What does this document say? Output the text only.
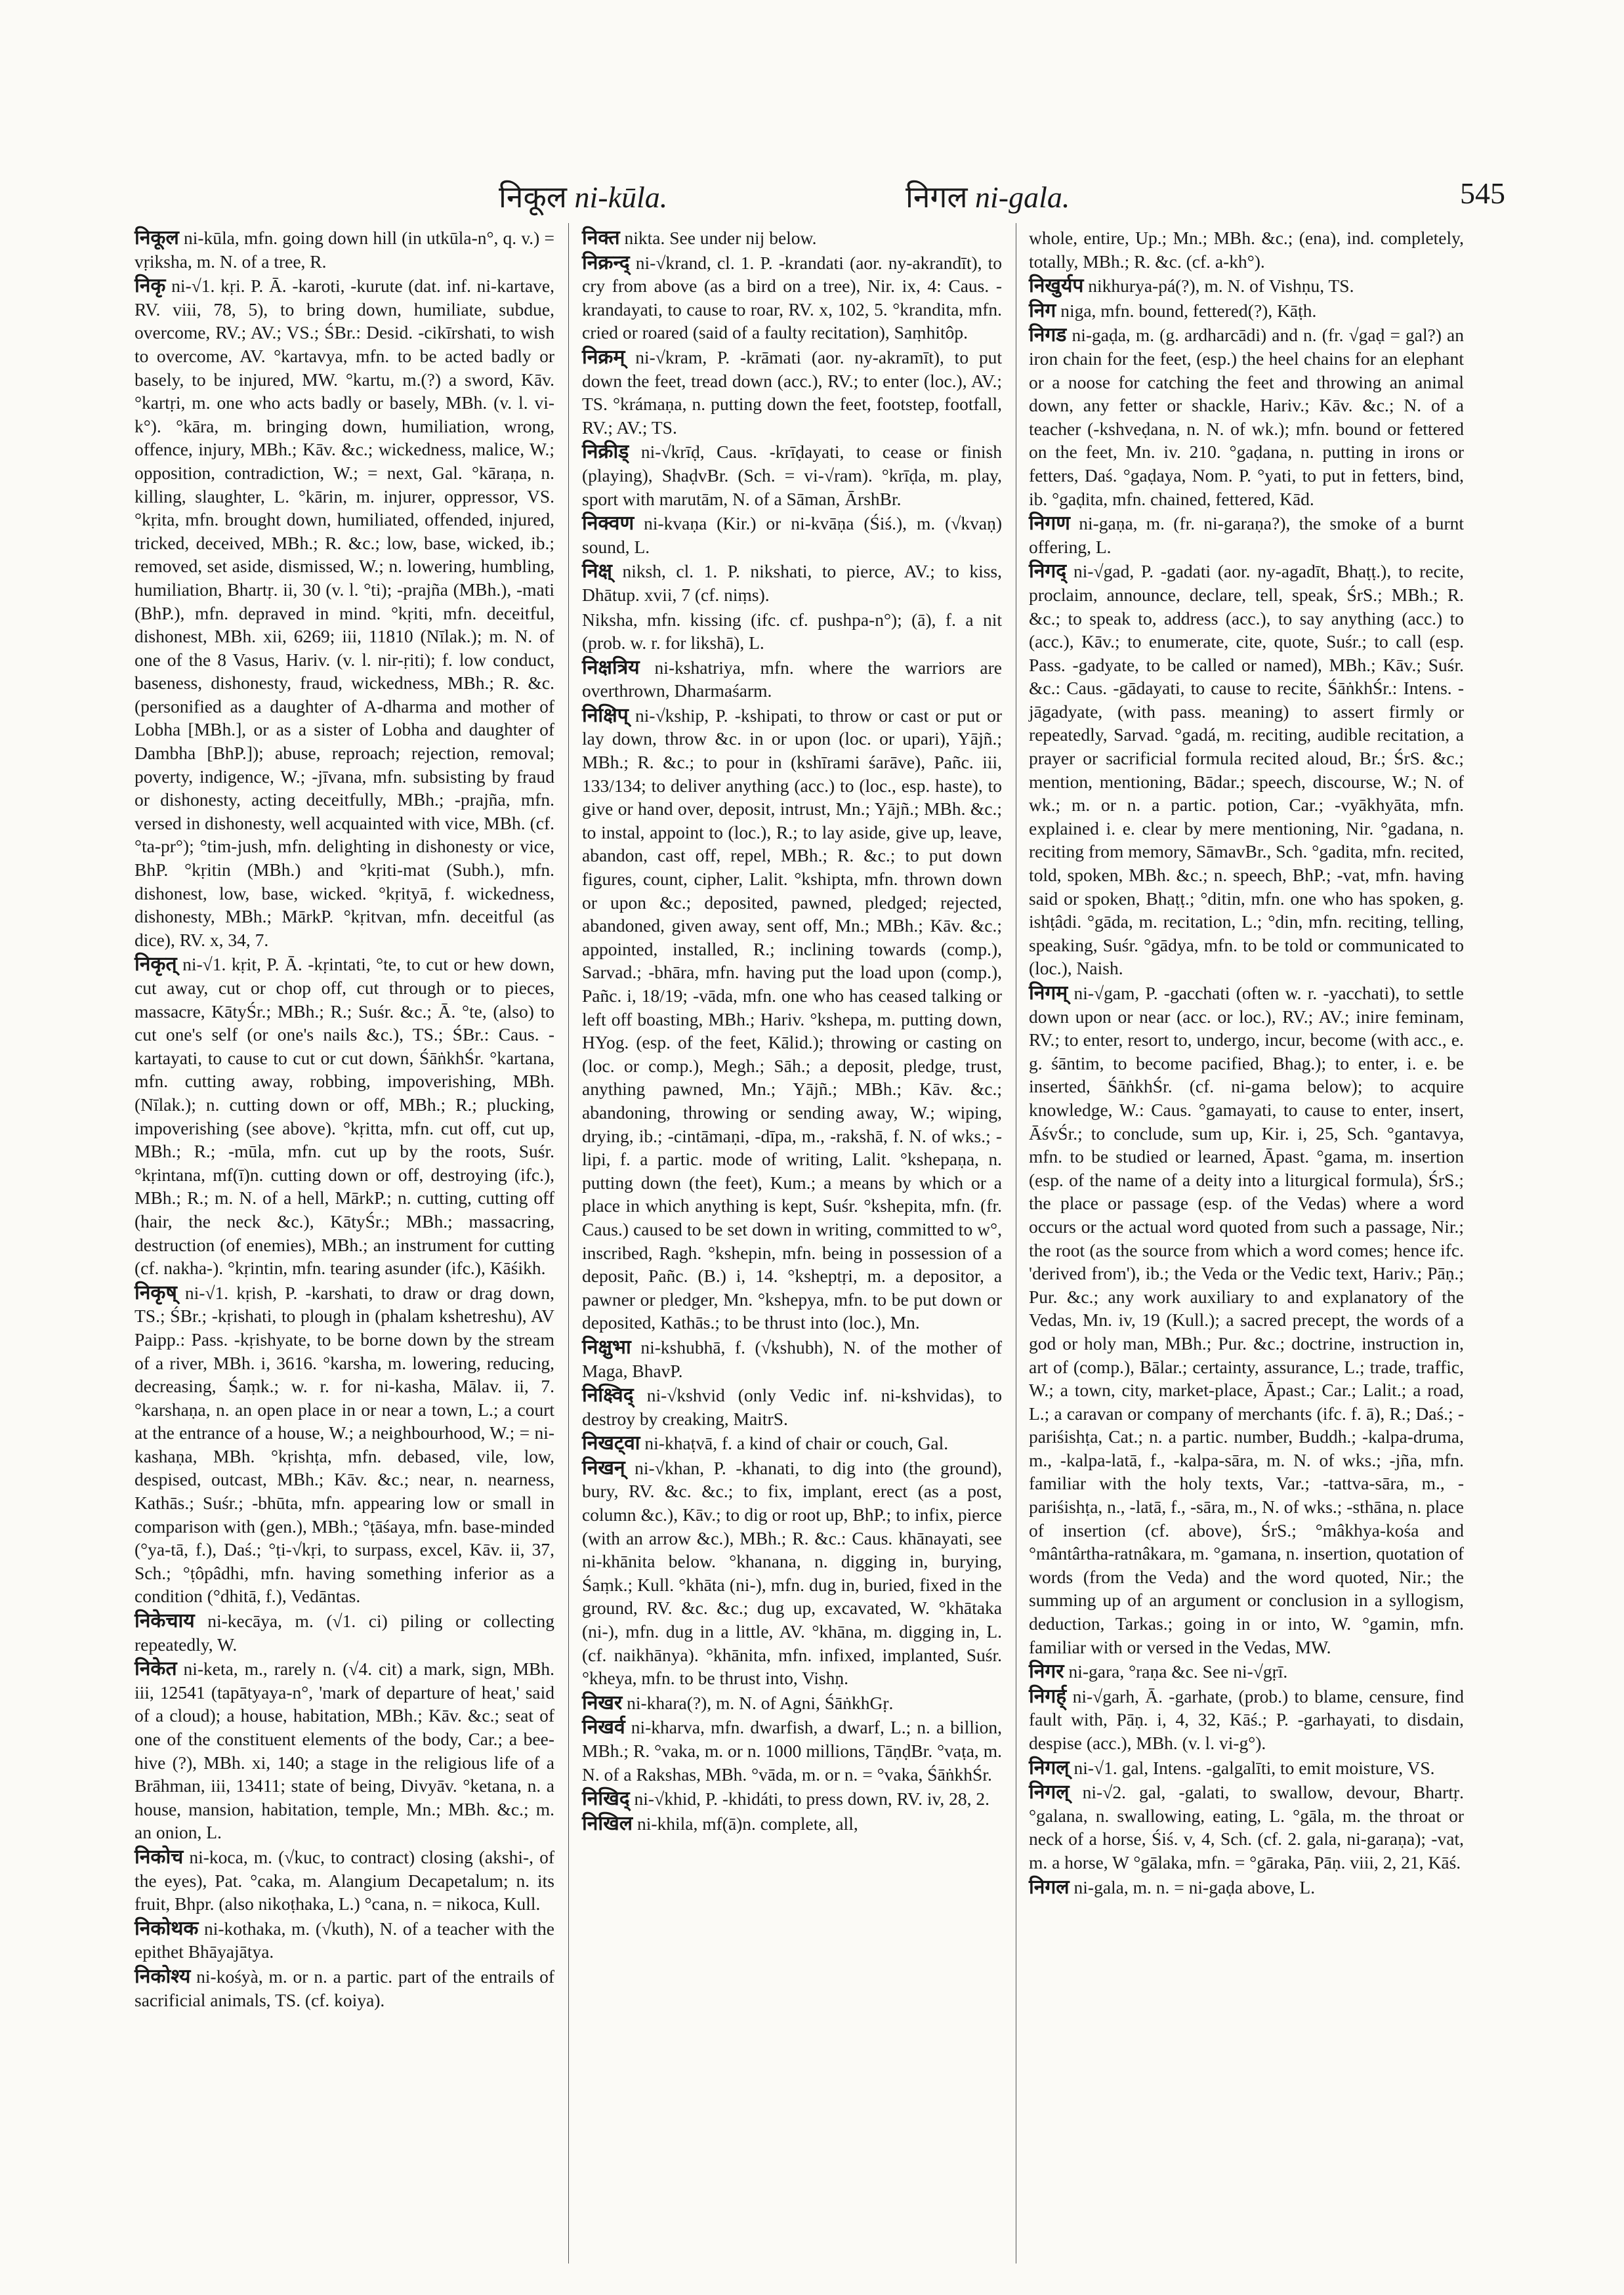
निकूल ni-kūla.	निगल ni-gala.	545

निकूल ni-kūla, mfn. going down hill (in utkūla-n°, q. v.) = vṛiksha, m. N. of a tree, R.

निकृ ni-√1. kṛi. P. Ā. -karoti, -kurute (dat. inf. ni-kartave, RV. viii, 78, 5), to bring down, humiliate, subdue, overcome, RV.; AV.; VS.; ŚBr.: Desid. -cikīrshati, to wish to overcome, AV. °kartavya, mfn. to be acted badly or basely, to be injured, MW. °kartu, m.(?) a sword, Kāv. °kartṛi, m. one who acts badly or basely, MBh. (v. l. vi-k°). °kāra, m. bringing down, humiliation, wrong, offence, injury, MBh.; Kāv. &c.; wickedness, malice, W.; opposition, contradiction, W.; = next, Gal. °kāraṇa, n. killing, slaughter, L. °kārin, m. injurer, oppressor, VS. °kṛita, mfn. brought down, humiliated, offended, injured, tricked, deceived, MBh.; R. &c.; low, base, wicked, ib.; removed, set aside, dismissed, W.; n. lowering, humbling, humiliation, Bhartṛ. ii, 30 (v. l. °ti); -prajña (MBh.), -mati (BhP.), mfn. depraved in mind. °kṛiti, mfn. deceitful, dishonest, MBh. xii, 6269; iii, 11810 (Nīlak.); m. N. of one of the 8 Vasus, Hariv. (v. l. nir-ṛiti); f. low conduct, baseness, dishonesty, fraud, wickedness, MBh.; R. &c. (personified as a daughter of A-dharma and mother of Lobha [MBh.], or as a sister of Lobha and daughter of Dambha [BhP.]); abuse, reproach; rejection, removal; poverty, indigence, W.; -jīvana, mfn. subsisting by fraud or dishonesty, acting deceitfully, MBh.; -prajña, mfn. versed in dishonesty, well acquainted with vice, MBh. (cf. °ta-pr°); °tim-jush, mfn. delighting in dishonesty or vice, BhP. °kṛitin (MBh.) and °kṛiti-mat (Subh.), mfn. dishonest, low, base, wicked. °kṛityā, f. wickedness, dishonesty, MBh.; MārkP. °kṛitvan, mfn. deceitful (as dice), RV. x, 34, 7.

निकृत् ni-√1. kṛit, P. Ā. -kṛintati, °te, to cut or hew down, cut away, cut or chop off, cut through or to pieces, massacre, KātyŚr.; MBh.; R.; Suśr. &c.; Ā. °te, (also) to cut one's self (or one's nails &c.), TS.; ŚBr.: Caus. -kartayati, to cause to cut or cut down, ŚāṅkhŚr. °kartana, mfn. cutting away, robbing, impoverishing, MBh. (Nīlak.); n. cutting down or off, MBh.; R.; plucking, impoverishing (see above). °kṛitta, mfn. cut off, cut up, MBh.; R.; -mūla, mfn. cut up by the roots, Suśr. °kṛintana, mf(ī)n. cutting down or off, destroying (ifc.), MBh.; R.; m. N. of a hell, MārkP.; n. cutting, cutting off (hair, the neck &c.), KātyŚr.; MBh.; massacring, destruction (of enemies), MBh.; an instrument for cutting (cf. nakha-). °kṛintin, mfn. tearing asunder (ifc.), Kāśikh.

निकृष् ni-√1. kṛish, P. -karshati, to draw or drag down, TS.; ŚBr.; -kṛishati, to plough in (phalam kshetreshu), AV Paipp.: Pass. -kṛishyate, to be borne down by the stream of a river, MBh. i, 3616. °karsha, m. lowering, reducing, decreasing, Śaṃk.; w. r. for ni-kasha, Mālav. ii, 7. °karshaṇa, n. an open place in or near a town, L.; a court at the entrance of a house, W.; a neighbourhood, W.; = ni-kashaṇa, MBh. °kṛishṭa, mfn. debased, vile, low, despised, outcast, MBh.; Kāv. &c.; near, n. nearness, Kathās.; Suśr.; -bhūta, mfn. appearing low or small in comparison with (gen.), MBh.; °ṭāśaya, mfn. base-minded (°ya-tā, f.), Daś.; °ṭi-√kṛi, to surpass, excel, Kāv. ii, 37, Sch.; °ṭôpâdhi, mfn. having something inferior as a condition (°dhitā, f.), Vedāntas.

निकेचाय ni-kecāya, m. (√1. ci) piling or collecting repeatedly, W.

निकेत ni-keta, m., rarely n. (√4. cit) a mark, sign, MBh. iii, 12541 (tapātyaya-n°, 'mark of departure of heat,' said of a cloud); a house, habitation, MBh.; Kāv. &c.; seat of one of the constituent elements of the body, Car.; a bee-hive (?), MBh. xi, 140; a stage in the religious life of a Brāhman, iii, 13411; state of being, Divyāv. °ketana, n. a house, mansion, habitation, temple, Mn.; MBh. &c.; m. an onion, L.

निकोच ni-koca, m. (√kuc, to contract) closing (akshi-, of the eyes), Pat. °caka, m. Alangium Decapetalum; n. its fruit, Bhpr. (also nikoṭhaka, L.) °cana, n. = nikoca, Kull.

निकोथक ni-kothaka, m. (√kuth), N. of a teacher with the epithet Bhāyajātya.

निकोश्य ni-kośyà, m. or n. a partic. part of the entrails of sacrificial animals, TS. (cf. koiya).

निक्त nikta. See under nij below.

निक्रन्द् ni-√krand, cl. 1. P. -krandati (aor. ny-akrandīt), to cry from above (as a bird on a tree), Nir. ix, 4: Caus. -krandayati, to cause to roar, RV. x, 102, 5. °krandita, mfn. cried or roared (said of a faulty recitation), Saṃhitôp.

निक्रम् ni-√kram, P. -krāmati (aor. ny-akramīt), to put down the feet, tread down (acc.), RV.; to enter (loc.), AV.; TS. °krámaṇa, n. putting down the feet, footstep, footfall, RV.; AV.; TS.

निक्रीड् ni-√krīḍ, Caus. -krīḍayati, to cease or finish (playing), ShaḍvBr. (Sch. = vi-√ram). °krīḍa, m. play, sport with marutām, N. of a Sāman, ĀrshBr.

निक्वण ni-kvaṇa (Kir.) or ni-kvāṇa (Śiś.), m. (√kvaṇ) sound, L.

निक्ष् niksh, cl. 1. P. nikshati, to pierce, AV.; to kiss, Dhātup. xvii, 7 (cf. niṃs).

Niksha, mfn. kissing (ifc. cf. pushpa-n°); (ā), f. a nit (prob. w. r. for likshā), L.

निक्षत्रिय ni-kshatriya, mfn. where the warriors are overthrown, Dharmaśarm.

निक्षिप् ni-√kship, P. -kshipati, to throw or cast or put or lay down, throw &c. in or upon (loc. or upari), Yājñ.; MBh.; R. &c.; to pour in (kshīrami śarāve), Pañc. iii, 133/134; to deliver anything (acc.) to (loc., esp. haste), to give or hand over, deposit, intrust, Mn.; Yājñ.; MBh. &c.; to instal, appoint to (loc.), R.; to lay aside, give up, leave, abandon, cast off, repel, MBh.; R. &c.; to put down figures, count, cipher, Lalit. °kshipta, mfn. thrown down or upon &c.; deposited, pawned, pledged; rejected, abandoned, given away, sent off, Mn.; MBh.; Kāv. &c.; appointed, installed, R.; inclining towards (comp.), Sarvad.; -bhāra, mfn. having put the load upon (comp.), Pañc. i, 18/19; -vāda, mfn. one who has ceased talking or left off boasting, MBh.; Hariv. °kshepa, m. putting down, HYog. (esp. of the feet, Kālid.); throwing or casting on (loc. or comp.), Megh.; Sāh.; a deposit, pledge, trust, anything pawned, Mn.; Yājñ.; MBh.; Kāv. &c.; abandoning, throwing or sending away, W.; wiping, drying, ib.; -cintāmaṇi, -dīpa, m., -rakshā, f. N. of wks.; -lipi, f. a partic. mode of writing, Lalit. °kshepaṇa, n. putting down (the feet), Kum.; a means by which or a place in which anything is kept, Suśr. °kshepita, mfn. (fr. Caus.) caused to be set down in writing, committed to w°, inscribed, Ragh. °kshepin, mfn. being in possession of a deposit, Pañc. (B.) i, 14. °ksheptṛi, m. a depositor, a pawner or pledger, Mn. °kshepya, mfn. to be put down or deposited, Kathās.; to be thrust into (loc.), Mn.

निक्षुभा ni-kshubhā, f. (√kshubh), N. of the mother of Maga, BhavP.

निक्ष्विद् ni-√kshvid (only Vedic inf. ni-kshvidas), to destroy by creaking, MaitrS.

निखट्वा ni-khaṭvā, f. a kind of chair or couch, Gal.

निखन् ni-√khan, P. -khanati, to dig into (the ground), bury, RV. &c. &c.; to fix, implant, erect (as a post, column &c.), Kāv.; to dig or root up, BhP.; to infix, pierce (with an arrow &c.), MBh.; R. &c.: Caus. khānayati, see ni-khānita below. °khanana, n. digging in, burying, Śaṃk.; Kull. °khāta (ni-), mfn. dug in, buried, fixed in the ground, RV. &c. &c.; dug up, excavated, W. °khātaka (ni-), mfn. dug in a little, AV. °khāna, m. digging in, L. (cf. naikhānya). °khānita, mfn. infixed, implanted, Suśr. °kheya, mfn. to be thrust into, Vishṇ.

निखर ni-khara(?), m. N. of Agni, ŚāṅkhGṛ.

निखर्व ni-kharva, mfn. dwarfish, a dwarf, L.; n. a billion, MBh.; R. °vaka, m. or n. 1000 millions, TāṇḍBr. °vaṭa, m. N. of a Rakshas, MBh. °vāda, m. or n. = °vaka, ŚāṅkhŚr.

निखिद् ni-√khid, P. -khidáti, to press down, RV. iv, 28, 2.

निखिल ni-khila, mf(ā)n. complete, all,

whole, entire, Up.; Mn.; MBh. &c.; (ena), ind. completely, totally, MBh.; R. &c. (cf. a-kh°).

निखुर्यप nikhurya-pá(?), m. N. of Vishṇu, TS.

निग niga, mfn. bound, fettered(?), Kāṭh.

निगड ni-gaḍa, m. (g. ardharcādi) and n. (fr. √gaḍ = gal?) an iron chain for the feet, (esp.) the heel chains for an elephant or a noose for catching the feet and throwing an animal down, any fetter or shackle, Hariv.; Kāv. &c.; N. of a teacher (-kshveḍana, n. N. of wk.); mfn. bound or fettered on the feet, Mn. iv. 210. °gaḍana, n. putting in irons or fetters, Daś. °gaḍaya, Nom. P. °yati, to put in fetters, bind, ib. °gaḍita, mfn. chained, fettered, Kād.

निगण ni-gaṇa, m. (fr. ni-garaṇa?), the smoke of a burnt offering, L.

निगद् ni-√gad, P. -gadati (aor. ny-agadīt, Bhaṭṭ.), to recite, proclaim, announce, declare, tell, speak, ŚrS.; MBh.; R. &c.; to speak to, address (acc.), to say anything (acc.) to (acc.), Kāv.; to enumerate, cite, quote, Suśr.; to call (esp. Pass. -gadyate, to be called or named), MBh.; Kāv.; Suśr. &c.: Caus. -gādayati, to cause to recite, ŚāṅkhŚr.: Intens. -jāgadyate, (with pass. meaning) to assert firmly or repeatedly, Sarvad. °gadá, m. reciting, audible recitation, a prayer or sacrificial formula recited aloud, Br.; ŚrS. &c.; mention, mentioning, Bādar.; speech, discourse, W.; N. of wk.; m. or n. a partic. potion, Car.; -vyākhyāta, mfn. explained i. e. clear by mere mentioning, Nir. °gadana, n. reciting from memory, SāmavBr., Sch. °gadita, mfn. recited, told, spoken, MBh. &c.; n. speech, BhP.; -vat, mfn. having said or spoken, Bhaṭṭ.; °ditin, mfn. one who has spoken, g. ishṭâdi. °gāda, m. recitation, L.; °din, mfn. reciting, telling, speaking, Suśr. °gādya, mfn. to be told or communicated to (loc.), Naish.

निगम् ni-√gam, P. -gacchati (often w. r. -yacchati), to settle down upon or near (acc. or loc.), RV.; AV.; inire feminam, RV.; to enter, resort to, undergo, incur, become (with acc., e. g. śāntim, to become pacified, Bhag.); to enter, i. e. be inserted, ŚāṅkhŚr. (cf. ni-gama below); to acquire knowledge, W.: Caus. °gamayati, to cause to enter, insert, ĀśvŚr.; to conclude, sum up, Kir. i, 25, Sch. °gantavya, mfn. to be studied or learned, Āpast. °gama, m. insertion (esp. of the name of a deity into a liturgical formula), ŚrS.; the place or passage (esp. of the Vedas) where a word occurs or the actual word quoted from such a passage, Nir.; the root (as the source from which a word comes; hence ifc. 'derived from'), ib.; the Veda or the Vedic text, Hariv.; Pāṇ.; Pur. &c.; any work auxiliary to and explanatory of the Vedas, Mn. iv, 19 (Kull.); a sacred precept, the words of a god or holy man, MBh.; Pur. &c.; doctrine, instruction in, art of (comp.), Bālar.; certainty, assurance, L.; trade, traffic, W.; a town, city, market-place, Āpast.; Car.; Lalit.; a road, L.; a caravan or company of merchants (ifc. f. ā), R.; Daś.; -pariśishṭa, Cat.; n. a partic. number, Buddh.; -kalpa-druma, m., -kalpa-latā, f., -kalpa-sāra, m. N. of wks.; -jña, mfn. familiar with the holy texts, Var.; -tattva-sāra, m., -pariśishṭa, n., -latā, f., -sāra, m., N. of wks.; -sthāna, n. place of insertion (cf. above), ŚrS.; °mâkhya-kośa and °mântârtha-ratnâkara, m. °gamana, n. insertion, quotation of words (from the Veda) and the word quoted, Nir.; the summing up of an argument or conclusion in a syllogism, deduction, Tarkas.; going in or into, W. °gamin, mfn. familiar with or versed in the Vedas, MW.

निगर ni-gara, °raṇa &c. See ni-√gṛī.

निगर्ह् ni-√garh, Ā. -garhate, (prob.) to blame, censure, find fault with, Pāṇ. i, 4, 32, Kāś.; P. -garhayati, to disdain, despise (acc.), MBh. (v. l. vi-g°).

निगल् ni-√1. gal, Intens. -galgalīti, to emit moisture, VS.

निगल् ni-√2. gal, -galati, to swallow, devour, Bhartṛ. °galana, n. swallowing, eating, L. °gāla, m. the throat or neck of a horse, Śiś. v, 4, Sch. (cf. 2. gala, ni-garaṇa); -vat, m. a horse, W °gālaka, mfn. = °gāraka, Pāṇ. viii, 2, 21, Kāś.

निगल ni-gala, m. n. = ni-gaḍa above, L.
